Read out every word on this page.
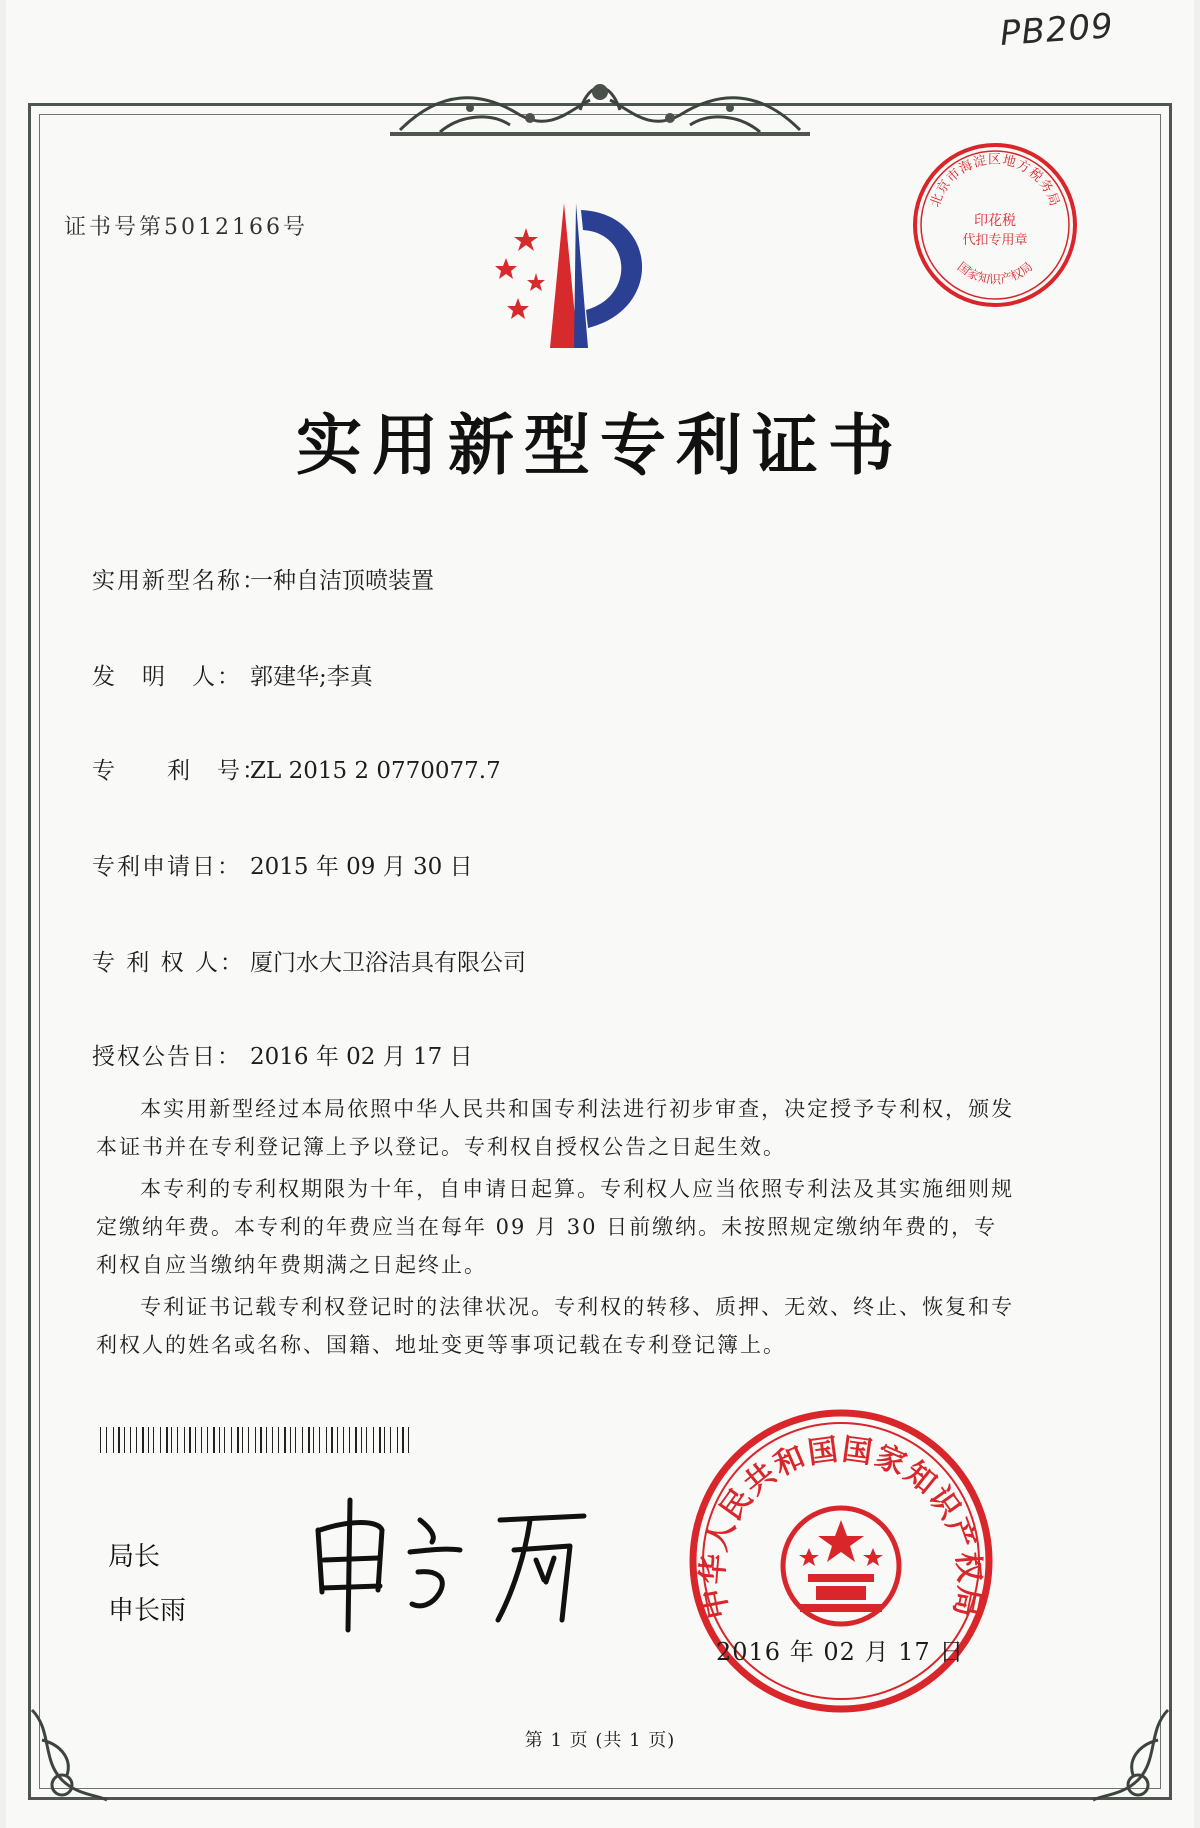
PB209
证书号第5012166号
北京市海淀区地方税务局
国家知识产权局
印花税
代扣专用章
实用新型专利证书
实用新型名称：一种自洁顶喷装置
发　明　人： 郭建华;李真
专　　利　号：ZL 2015 2 0770077.7
专利申请日： 2015 年 09 月 30 日
专 利 权 人： 厦门水大卫浴洁具有限公司
授权公告日： 2016 年 02 月 17 日

本实用新型经过本局依照中华人民共和国专利法进行初步审查，决定授予专利权，颁发本证书并在专利登记簿上予以登记。专利权自授权公告之日起生效。

本专利的专利权期限为十年，自申请日起算。专利权人应当依照专利法及其实施细则规定缴纳年费。本专利的年费应当在每年 09 月 30 日前缴纳。未按照规定缴纳年费的，专利权自应当缴纳年费期满之日起终止。

专利证书记载专利权登记时的法律状况。专利权的转移、质押、无效、终止、恢复和专利权人的姓名或名称、国籍、地址变更等事项记载在专利登记簿上。

局长
申长雨	中华人民共和国国家知识产权局
2016 年 02 月 17 日
第 1 页 (共 1 页)
